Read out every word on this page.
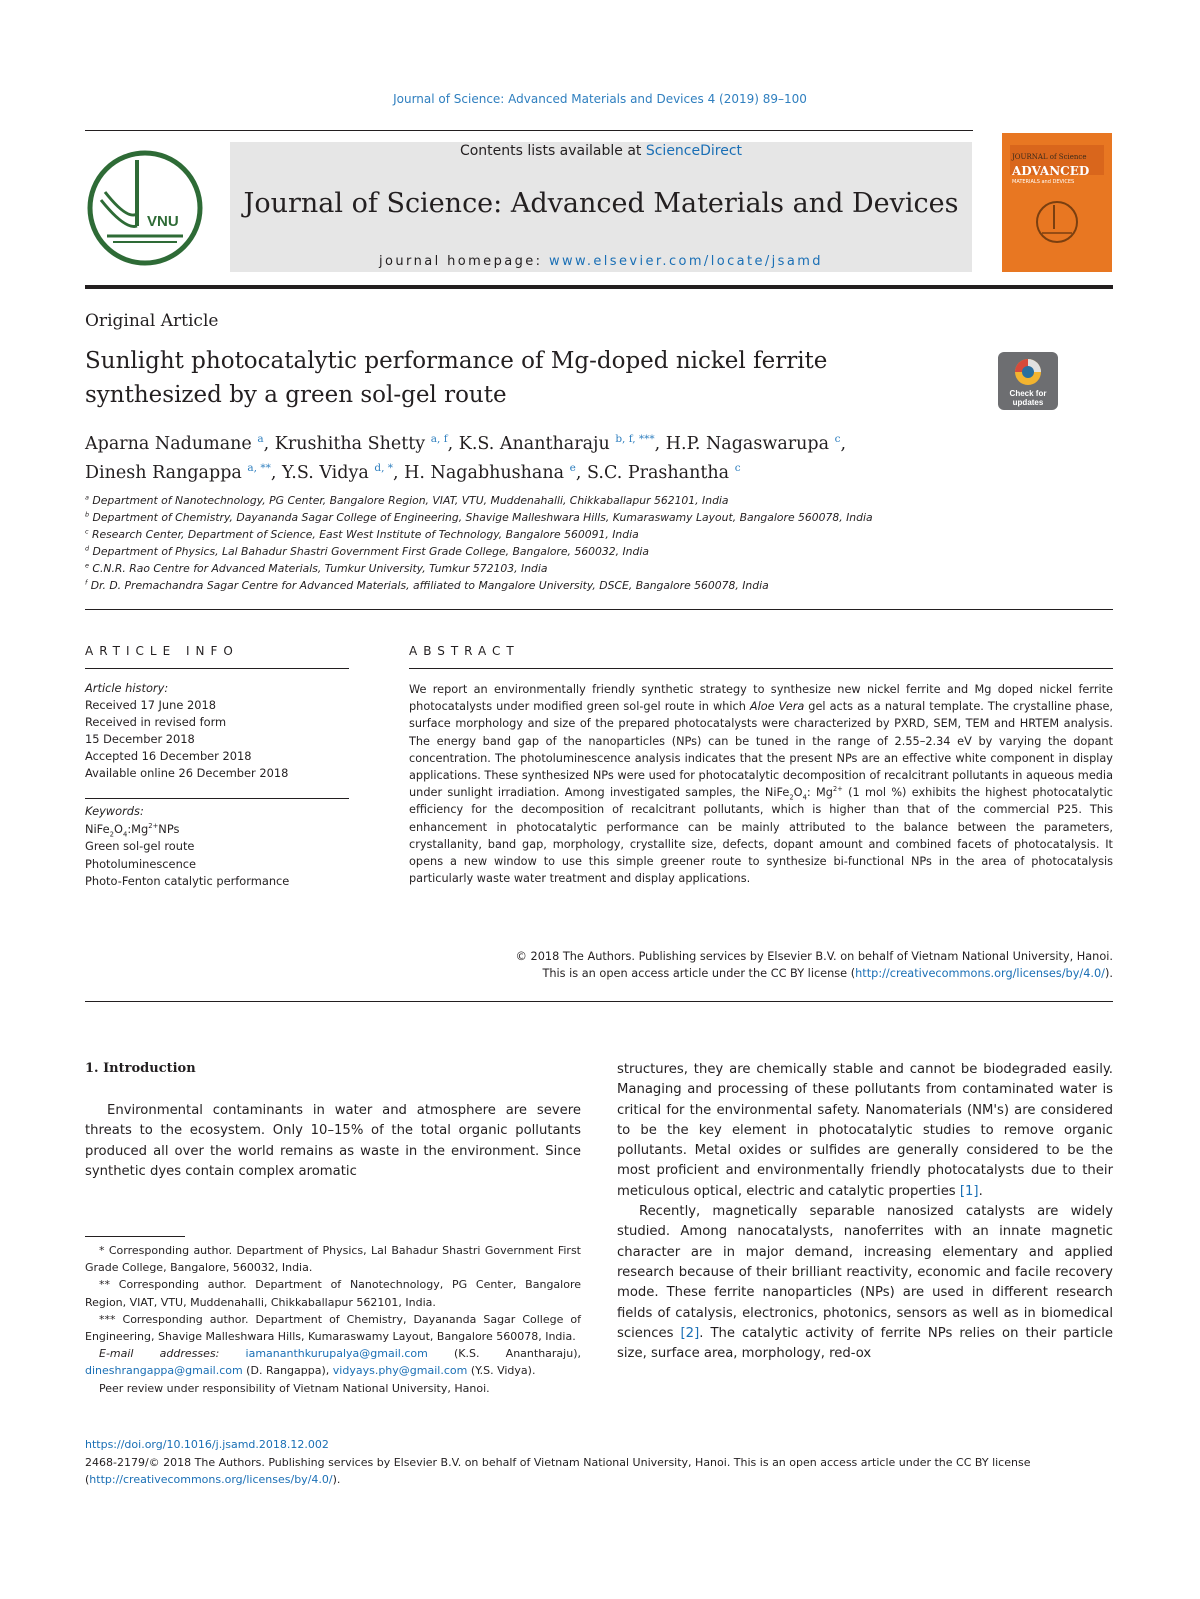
Journal of Science: Advanced Materials and Devices 4 (2019) 89–100
VNU
Contents lists available at ScienceDirect
Journal of Science: Advanced Materials and Devices
journal homepage: www.elsevier.com/locate/jsamd
JOURNAL of Science
ADVANCED
MATERIALS and DEVICES
Original Article
Sunlight photocatalytic performance of Mg-doped nickel ferrite
synthesized by a green sol-gel route	Check for
updates
Aparna Nadumane $^a$, Krushitha Shetty $^{a, f}$, K.S. Anantharaju $^{b, f, ***}$, H.P. Nagaswarupa $^c$,
Dinesh Rangappa $^{a, **}$, Y.S. Vidya $^{d, *}$, H. Nagabhushana $^e$, S.C. Prashantha $^c$
$^a$ Department of Nanotechnology, PG Center, Bangalore Region, VIAT, VTU, Muddenahalli, Chikkaballapur 562101, India
$^b$ Department of Chemistry, Dayananda Sagar College of Engineering, Shavige Malleshwara Hills, Kumaraswamy Layout, Bangalore 560078, India
$^c$ Research Center, Department of Science, East West Institute of Technology, Bangalore 560091, India
$^d$ Department of Physics, Lal Bahadur Shastri Government First Grade College, Bangalore, 560032, India
$^e$ C.N.R. Rao Centre for Advanced Materials, Tumkur University, Tumkur 572103, India
$^f$ Dr. D. Premachandra Sagar Centre for Advanced Materials, affiliated to Mangalore University, DSCE, Bangalore 560078, India
ARTICLE INFO
Article history:
Received 17 June 2018
Received in revised form
15 December 2018
Accepted 16 December 2018
Available online 26 December 2018
Keywords:
$NiFe_2O_4:Mg^{2+}NPs$
Green sol-gel route
Photoluminescence
Photo-Fenton catalytic performance
ABSTRACT
We report an environmentally friendly synthetic strategy to synthesize new nickel ferrite and Mg doped nickel ferrite photocatalysts under modified green sol-gel route in which Aloe Vera gel acts as a natural template. The crystalline phase, surface morphology and size of the prepared photocatalysts were characterized by PXRD, SEM, TEM and HRTEM analysis. The energy band gap of the nanoparticles (NPs) can be tuned in the range of 2.55–2.34 eV by varying the dopant concentration. The photoluminescence analysis indicates that the present NPs are an effective white component in display applications. These synthesized NPs were used for photocatalytic decomposition of recalcitrant pollutants in aqueous media under sunlight irradiation. Among investigated samples, the $NiFe_2O_4$: $Mg^{2+}$ (1 mol %) exhibits the highest photocatalytic efficiency for the decomposition of recalcitrant pollutants, which is higher than that of the commercial P25. This enhancement in photocatalytic performance can be mainly attributed to the balance between the parameters, crystallanity, band gap, morphology, crystallite size, defects, dopant amount and combined facets of photocatalysis. It opens a new window to use this simple greener route to synthesize bi-functional NPs in the area of photocatalysis particularly waste water treatment and display applications.
© 2018 The Authors. Publishing services by Elsevier B.V. on behalf of Vietnam National University, Hanoi.
This is an open access article under the CC BY license (http://creativecommons.org/licenses/by/4.0/).
1. Introduction

Environmental contaminants in water and atmosphere are severe threats to the ecosystem. Only 10–15% of the total organic pollutants produced all over the world remains as waste in the environment. Since synthetic dyes contain complex aromatic

structures, they are chemically stable and cannot be biodegraded easily. Managing and processing of these pollutants from contaminated water is critical for the environmental safety. Nanomaterials (NM's) are considered to be the key element in photocatalytic studies to remove organic pollutants. Metal oxides or sulfides are generally considered to be the most proficient and environmentally friendly photocatalysts due to their meticulous optical, electric and catalytic properties [1].

Recently, magnetically separable nanosized catalysts are widely studied. Among nanocatalysts, nanoferrites with an innate magnetic character are in major demand, increasing elementary and applied research because of their brilliant reactivity, economic and facile recovery mode. These ferrite nanoparticles (NPs) are used in different research fields of catalysis, electronics, photonics, sensors as well as in biomedical sciences [2]. The catalytic activity of ferrite NPs relies on their particle size, surface area, morphology, red-ox

* Corresponding author. Department of Physics, Lal Bahadur Shastri Government First Grade College, Bangalore, 560032, India.
** Corresponding author. Department of Nanotechnology, PG Center, Bangalore Region, VIAT, VTU, Muddenahalli, Chikkaballapur 562101, India.
*** Corresponding author. Department of Chemistry, Dayananda Sagar College of Engineering, Shavige Malleshwara Hills, Kumaraswamy Layout, Bangalore 560078, India.
E-mail addresses: iamananthkurupalya@gmail.com (K.S. Anantharaju), dineshrangappa@gmail.com (D. Rangappa), vidyays.phy@gmail.com (Y.S. Vidya).
Peer review under responsibility of Vietnam National University, Hanoi.
https://doi.org/10.1016/j.jsamd.2018.12.002
2468-2179/© 2018 The Authors. Publishing services by Elsevier B.V. on behalf of Vietnam National University, Hanoi. This is an open access article under the CC BY license
(http://creativecommons.org/licenses/by/4.0/).
